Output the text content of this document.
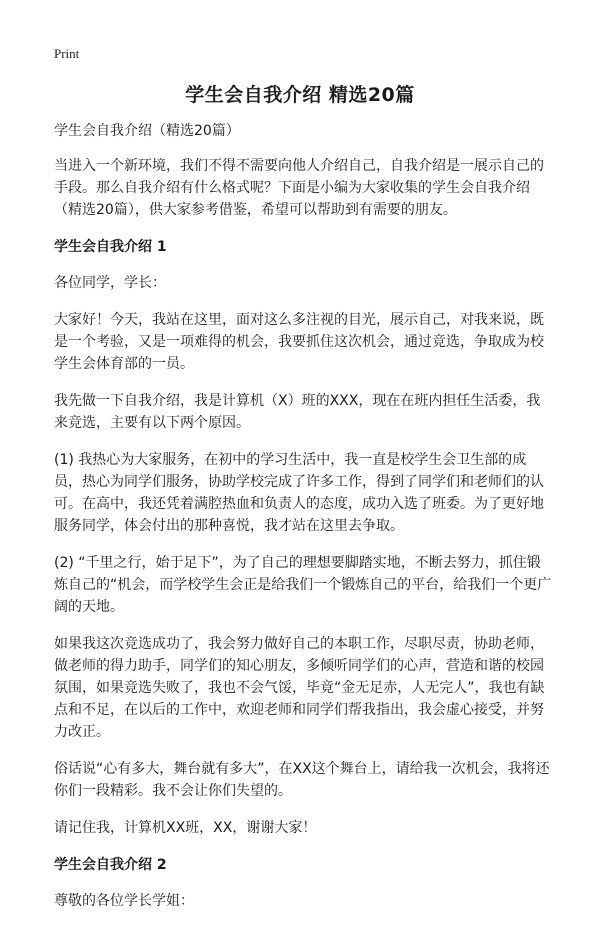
Print
学生会自我介绍 精选20篇

学生会自我介绍（精选20篇）

当进入一个新环境，我们不得不需要向他人介绍自己，自我介绍是一展示自己的手段。那么自我介绍有什么格式呢？下面是小编为大家收集的学生会自我介绍（精选20篇），供大家参考借鉴，希望可以帮助到有需要的朋友。

学生会自我介绍 1

各位同学，学长：

大家好！今天，我站在这里，面对这么多注视的目光，展示自己，对我来说，既是一个考验，又是一项难得的机会，我要抓住这次机会，通过竞选，争取成为校学生会体育部的一员。

我先做一下自我介绍，我是计算机（X）班的XXX，现在在班内担任生活委，我来竞选，主要有以下两个原因。

(1) 我热心为大家服务，在初中的学习生活中，我一直是校学生会卫生部的成员，热心为同学们服务，协助学校完成了许多工作，得到了同学们和老师们的认可。在高中，我还凭着满腔热血和负责人的态度，成功入选了班委。为了更好地服务同学，体会付出的那种喜悦，我才站在这里去争取。

(2) “千里之行，始于足下”，为了自己的理想要脚踏实地，不断去努力，抓住锻炼自己的“机会，而学校学生会正是给我们一个锻炼自己的平台，给我们一个更广阔的天地。

如果我这次竞选成功了，我会努力做好自己的本职工作，尽职尽责，协助老师，做老师的得力助手，同学们的知心朋友，多倾听同学们的心声，营造和谐的校园氛围，如果竞选失败了，我也不会气馁，毕竟“金无足赤，人无完人”，我也有缺点和不足，在以后的工作中，欢迎老师和同学们帮我指出，我会虚心接受，并努力改正。

俗话说“心有多大，舞台就有多大”，在XX这个舞台上，请给我一次机会，我将还你们一段精彩。我不会让你们失望的。

请记住我，计算机XX班，XX，谢谢大家！

学生会自我介绍 2

尊敬的各位学长学姐：
